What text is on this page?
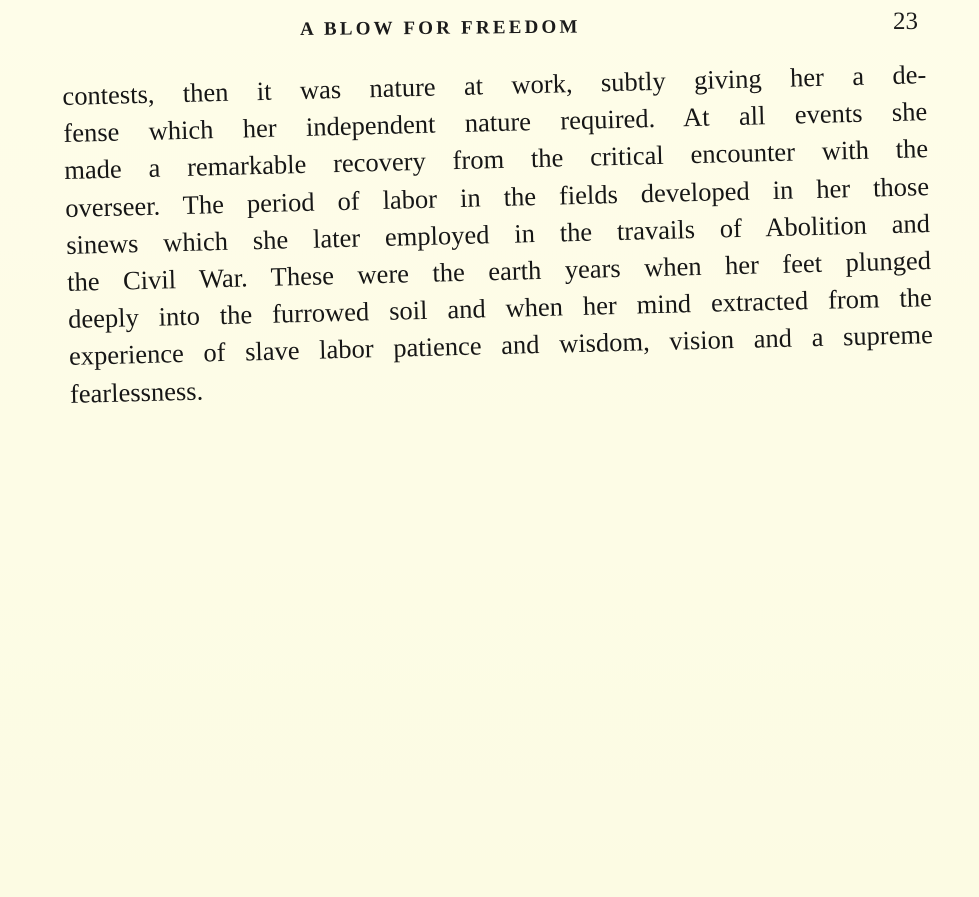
A BLOW FOR FREEDOM	23
contests, then it was nature at work, subtly giving her a de-
fense which her independent nature required. At all events she
made a remarkable recovery from the critical encounter with the
overseer. The period of labor in the fields developed in her those
sinews which she later employed in the travails of Abolition and
the Civil War. These were the earth years when her feet plunged
deeply into the furrowed soil and when her mind extracted from the
experience of slave labor patience and wisdom, vision and a supreme
fearlessness.
